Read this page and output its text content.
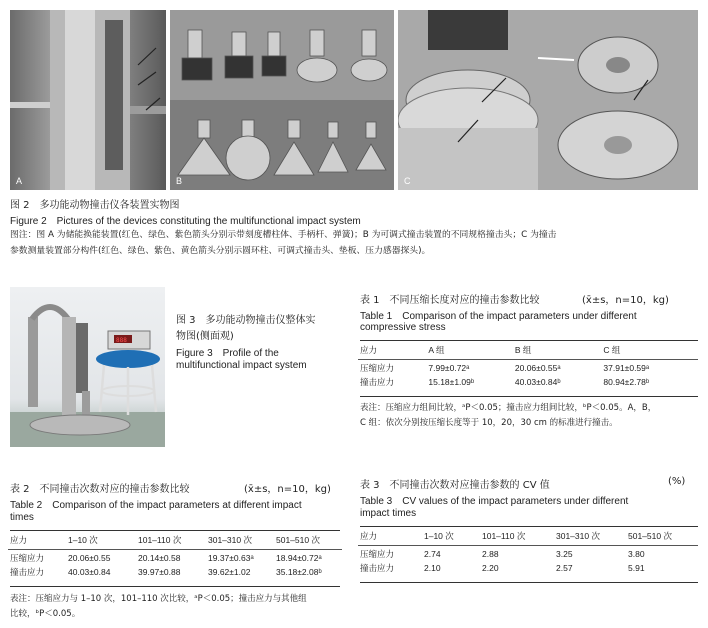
A	B	C
图 2　多功能动物撞击仪各装置实物图
Figure 2　Pictures of the devices constituting the multifunctional impact system
图注：图 A 为储能换能装置(红色、绿色、紫色箭头分别示带刻度槽柱体、手柄杆、弹簧)；B 为可调式撞击装置的不同规格撞击头；C 为撞击
参数测量装置部分构件(红色、绿色、紫色、黄色箭头分别示圆环柱、可调式撞击头、垫板、压力感器探头)。
888
图 3　多功能动物撞击仪整体实
物图(侧面观)
Figure 3　Profile of the
multifunctional impact system
表 1　不同压缩长度对应的撞击参数比较	(x̄±s，n=10，kg)
Table 1　Comparison of the impact parameters under different
compressive stress
应力	A 组	B 组	C 组

压缩应力	7.99±0.72ᵃ	20.06±0.55ᵃ	37.91±0.59ᵃ
撞击应力	15.18±1.09ᵇ	40.03±0.84ᵇ	80.94±2.78ᵇ
表注：压缩应力组间比较，ᵃP＜0.05；撞击应力组间比较，ᵇP＜0.05。A，B，
C 组：依次分别按压缩长度等于 10，20，30 cm 的标准进行撞击。
表 2　不同撞击次数对应的撞击参数比较	(x̄±s，n=10，kg)
Table 2　Comparison of the impact parameters at different impact
times
应力	1–10 次	101–110 次	301–310 次	501–510 次

压缩应力	20.06±0.55	20.14±0.58	19.37±0.63ᵃ	18.94±0.72ᵃ
撞击应力	40.03±0.84	39.97±0.88	39.62±1.02	35.18±2.08ᵇ
表注：压缩应力与 1–10 次，101–110 次比较，ᵃP＜0.05；撞击应力与其他组
比较，ᵇP＜0.05。
表 3　不同撞击次数对应撞击参数的 CV 值	(%)
Table 3　CV values of the impact parameters under different
impact times
应力	1–10 次	101–110 次	301–310 次	501–510 次

压缩应力	2.74	2.88	3.25	3.80
撞击应力	2.10	2.20	2.57	5.91
